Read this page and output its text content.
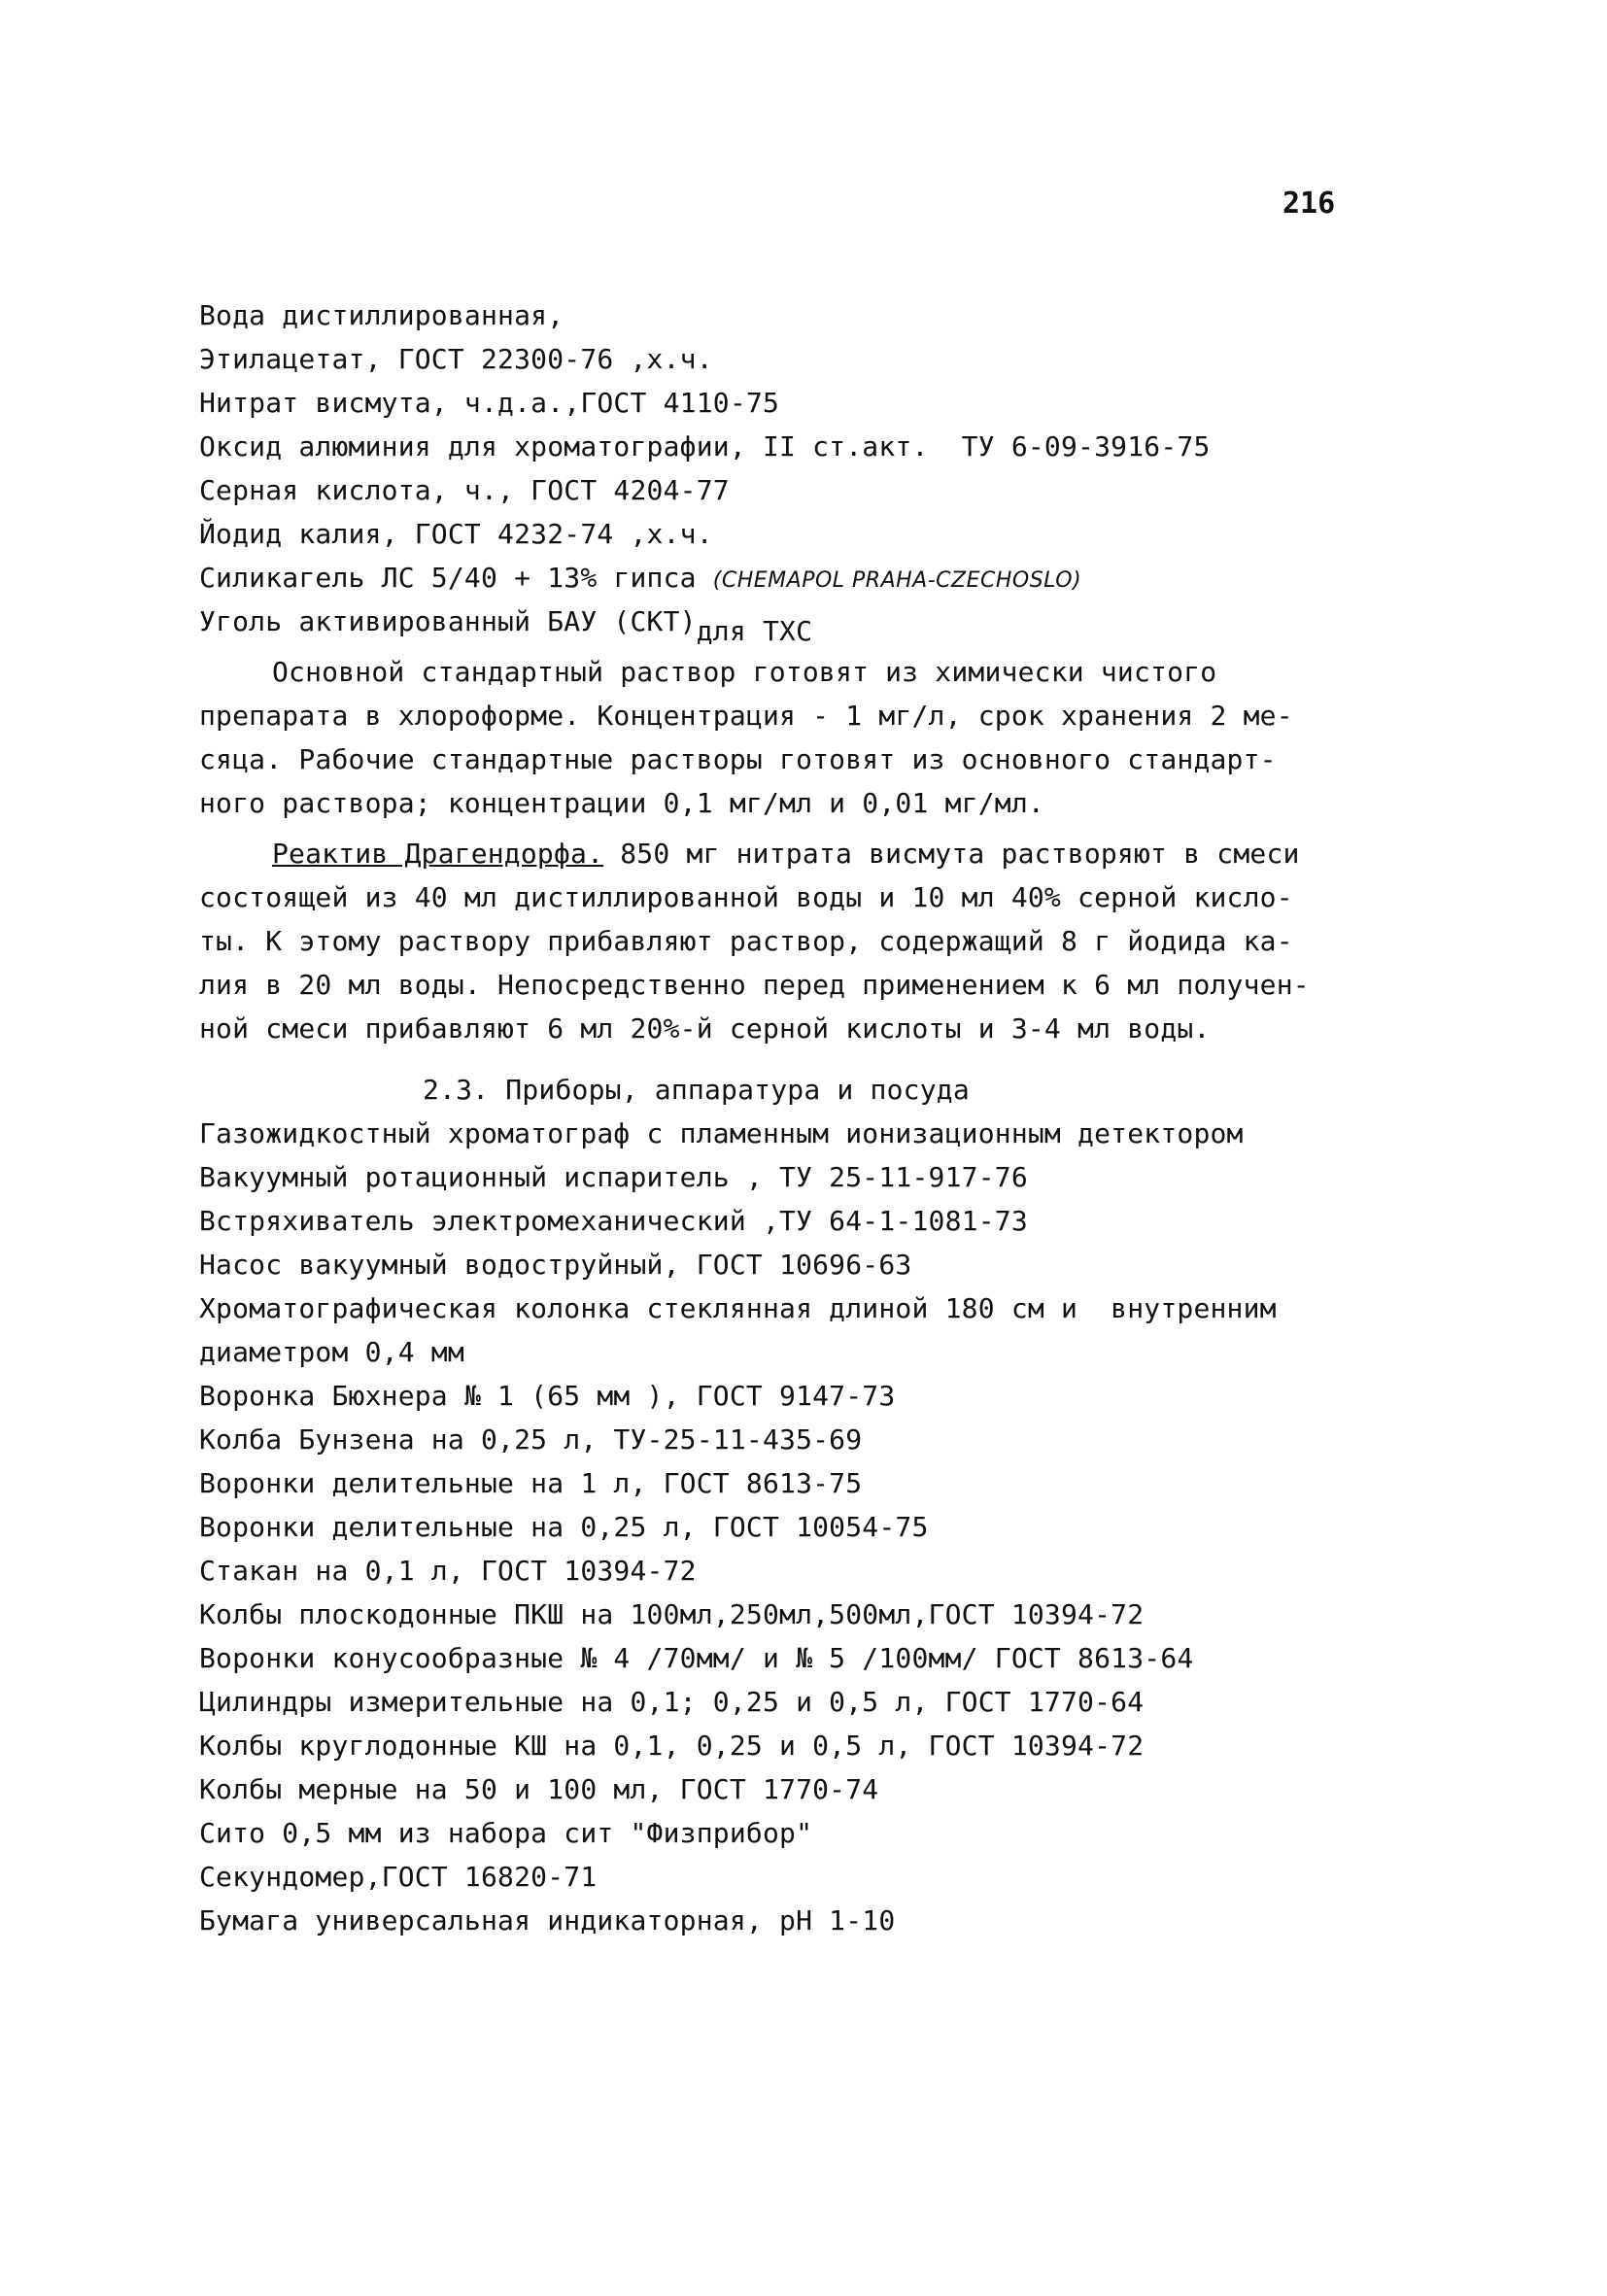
216
Вода дистиллированная,
Этилацетат, ГОСТ 22300-76 ,х.ч.
Нитрат висмута, ч.д.а.,ГОСТ 4110-75
Оксид алюминия для хроматографии, II ст.акт.  ТУ 6-09-3916-75
Серная кислота, ч., ГОСТ 4204-77
Йодид калия, ГОСТ 4232-74 ,х.ч.
Силикагель ЛС 5/40 + 13% гипса (CHEMAPOL PRAHA-CZECHOSLO)
Уголь активированный БАУ (СКТ)для ТХС
Основной стандартный раствор готовят из химически чистого
препарата в хлороформе. Концентрация - 1 мг/л, срок хранения 2 ме-
сяца. Рабочие стандартные растворы готовят из основного стандарт-
ного раствора; концентрации 0,1 мг/мл и 0,01 мг/мл.
Реактив Драгендорфа. 850 мг нитрата висмута растворяют в смеси
состоящей из 40 мл дистиллированной воды и 10 мл 40% серной кисло-
ты. К этому раствору прибавляют раствор, содержащий 8 г йодида ка-
лия в 20 мл воды. Непосредственно перед применением к 6 мл получен-
ной смеси прибавляют 6 мл 20%-й серной кислоты и 3-4 мл воды.
2.3. Приборы, аппаратура и посуда
Газожидкостный хроматограф с пламенным ионизационным детектором
Вакуумный ротационный испаритель , ТУ 25-11-917-76
Встряхиватель электромеханический ,ТУ 64-1-1081-73
Насос вакуумный водоструйный, ГОСТ 10696-63
Хроматографическая колонка стеклянная длиной 180 см и  внутренним
диаметром 0,4 мм
Воронка Бюхнера № 1 (65 мм ), ГОСТ 9147-73
Колба Бунзена на 0,25 л, ТУ-25-11-435-69
Воронки делительные на 1 л, ГОСТ 8613-75
Воронки делительные на 0,25 л, ГОСТ 10054-75
Стакан на 0,1 л, ГОСТ 10394-72
Колбы плоскодонные ПКШ на 100мл,250мл,500мл,ГОСТ 10394-72
Воронки конусообразные № 4 /70мм/ и № 5 /100мм/ ГОСТ 8613-64
Цилиндры измерительные на 0,1; 0,25 и 0,5 л, ГОСТ 1770-64
Колбы круглодонные КШ на 0,1, 0,25 и 0,5 л, ГОСТ 10394-72
Колбы мерные на 50 и 100 мл, ГОСТ 1770-74
Сито 0,5 мм из набора сит "Физприбор"
Секундомер,ГОСТ 16820-71
Бумага универсальная индикаторная, рН 1-10
